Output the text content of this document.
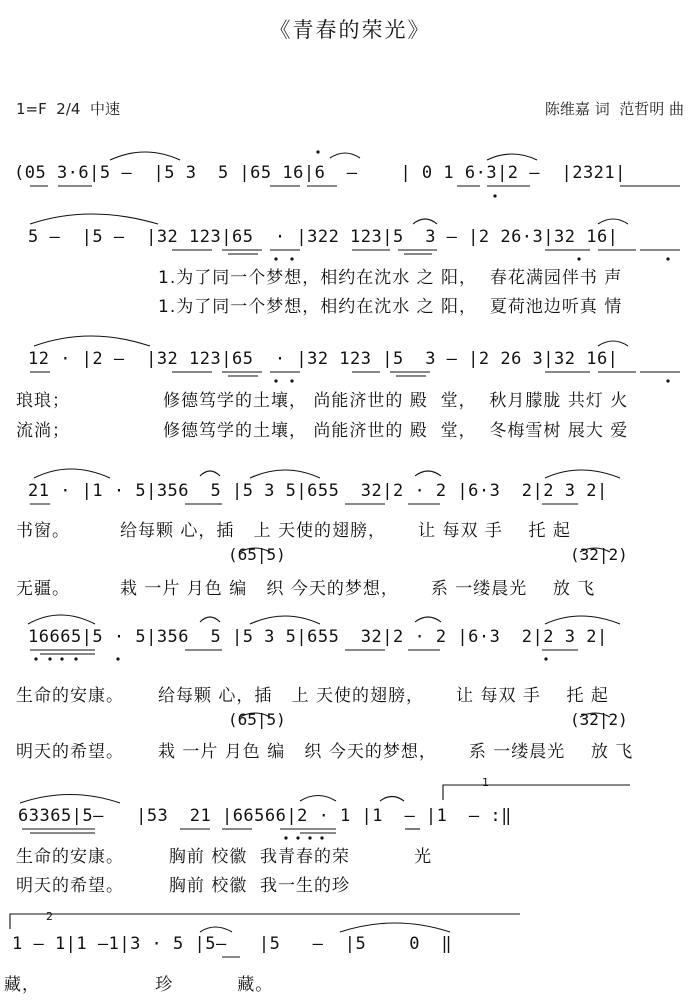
《青春的荣光》
1=F  2/4  中速	陈维嘉 词  范哲明 曲
(05 3·6|5 —  |5 3  5 |65 16|6  —    | 0 1 6·3|2 —  |2321|
5 —  |5 —  |32 123|65  · |322 123|5  3 — |2 26·3|32 16|
1.为了同一个梦想，相约在沈水 之 阳，  春花满园伴书 声
1.为了同一个梦想，相约在沈水 之 阳，  夏荷池边听真 情
12 · |2 —  |32 123|65  · |32 123 |5  3 — |2 26 3|32 16|
琅琅；
流淌；
修德笃学的土壤， 尚能济世的 殿  堂，  秋月朦胧 共灯 火
修德笃学的土壤， 尚能济世的 殿  堂，  冬梅雪树 展大 爱
21 · |1 · 5|356  5 |5 3 5|655  32|2 · 2 |6·3  2|2 3 2|
书窗。	给每颗 心，插   上 天使的翅膀，     让 每双 手    托 起
(65|5)	(32|2)
无疆。	栽 一片 月色 编   织 今天的梦想，     系 一缕晨光    放 飞
16665|5 · 5|356  5 |5 3 5|655  32|2 · 2 |6·3  2|2 3 2|
生命的安康。 给每颗 心，插   上 天使的翅膀，     让 每双 手    托 起
(65|5)	(32|2)
明天的希望。 栽 一片 月色 编   织 今天的梦想，     系 一缕晨光    放 飞
1
63365|5—   |53  21 |66566|2 · 1 |1  — |1  — :‖
生命的安康。       胸前 校徽  我青春的荣          光
明天的希望。       胸前 校徽  我一生的珍
2
1 — 1|1 —1|3 · 5 |5—   |5   —  |5    0  ‖
藏，                  珍          藏。
